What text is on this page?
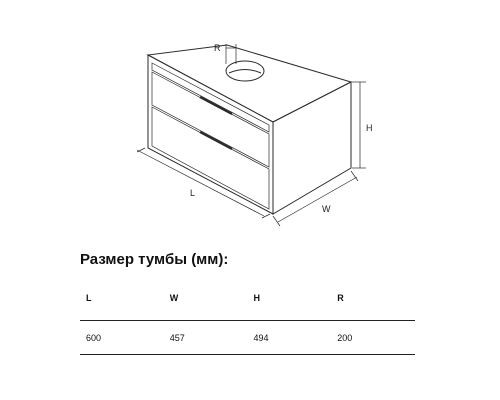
R
H
L
W
Размер тумбы (мм):
L	W	H	R
600	457	494	200
